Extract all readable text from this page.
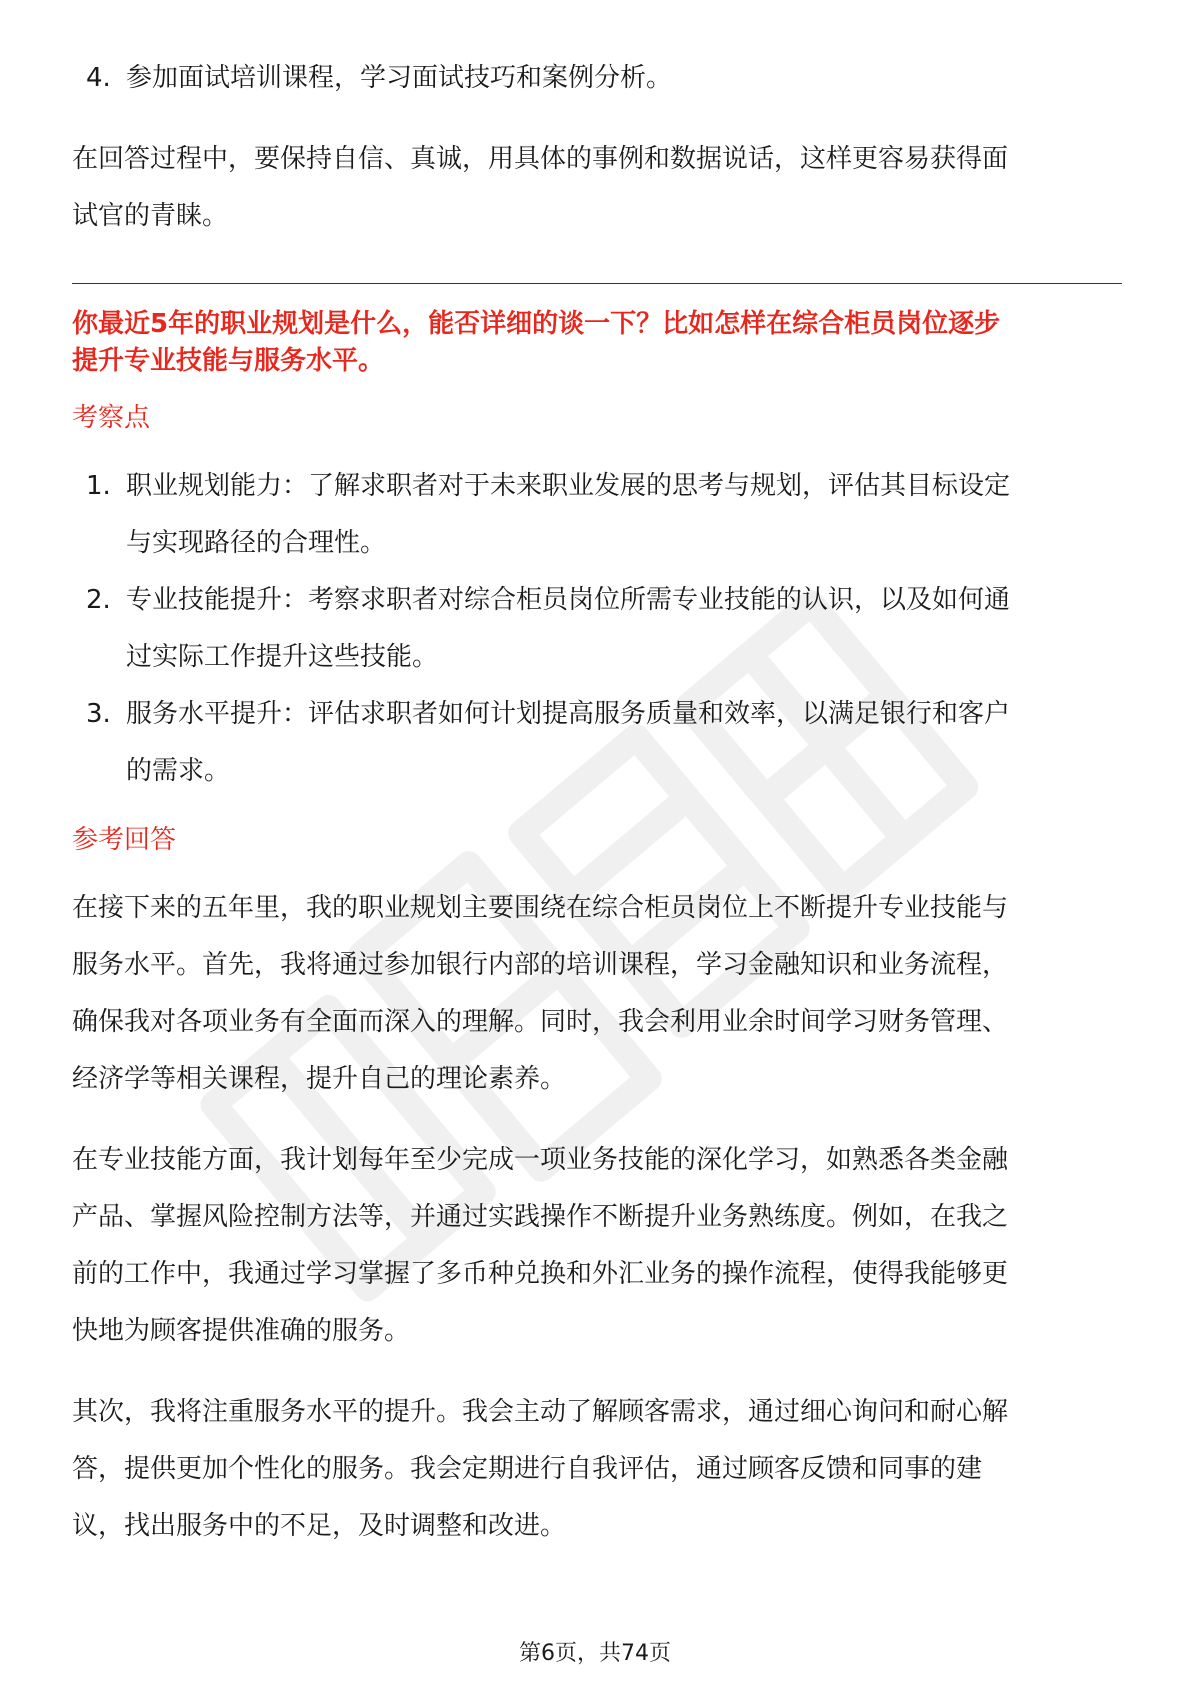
4. 参加面试培训课程，学习面试技巧和案例分析。
在回答过程中，要保持自信、真诚，用具体的事例和数据说话，这样更容易获得面
试官的青睐。
你最近5年的职业规划是什么，能否详细的谈一下？比如怎样在综合柜员岗位逐步
提升专业技能与服务水平。
考察点
1. 职业规划能力：了解求职者对于未来职业发展的思考与规划，评估其目标设定
与实现路径的合理性。
2. 专业技能提升：考察求职者对综合柜员岗位所需专业技能的认识，以及如何通
过实际工作提升这些技能。
3. 服务水平提升：评估求职者如何计划提高服务质量和效率，以满足银行和客户
的需求。
参考回答
在接下来的五年里，我的职业规划主要围绕在综合柜员岗位上不断提升专业技能与
服务水平。首先，我将通过参加银行内部的培训课程，学习金融知识和业务流程，
确保我对各项业务有全面而深入的理解。同时，我会利用业余时间学习财务管理、
经济学等相关课程，提升自己的理论素养。
在专业技能方面，我计划每年至少完成一项业务技能的深化学习，如熟悉各类金融
产品、掌握风险控制方法等，并通过实践操作不断提升业务熟练度。例如，在我之
前的工作中，我通过学习掌握了多币种兑换和外汇业务的操作流程，使得我能够更
快地为顾客提供准确的服务。
其次，我将注重服务水平的提升。我会主动了解顾客需求，通过细心询问和耐心解
答，提供更加个性化的服务。我会定期进行自我评估，通过顾客反馈和同事的建
议，找出服务中的不足，及时调整和改进。
第6页，共74页
